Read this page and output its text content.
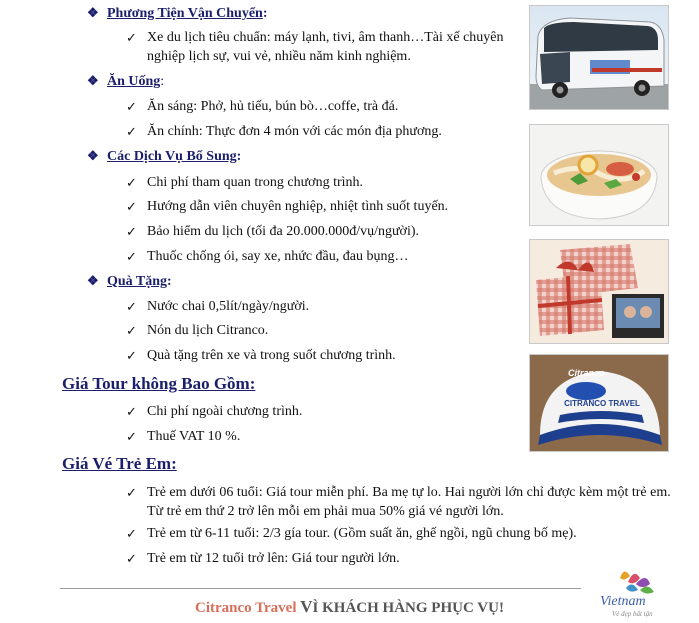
❖ Phương Tiện Vận Chuyển:
✓ Xe du lịch tiêu chuẩn: máy lạnh, tivi, âm thanh…Tài xế chuyên nghiệp lịch sự, vui vẻ, nhiều năm kinh nghiệm.
❖ Ăn Uống:
✓ Ăn sáng: Phở, hủ tiếu, bún bò…coffe, trà đá.
✓ Ăn chính: Thực đơn 4 món với các món địa phương.
❖ Các Dịch Vụ Bổ Sung:
✓ Chi phí tham quan trong chương trình.
✓ Hướng dẫn viên chuyên nghiệp, nhiệt tình suốt tuyến.
✓ Bảo hiểm du lịch (tối đa 20.000.000đ/vụ/người).
✓ Thuốc chống ói, say xe, nhức đầu, đau bụng…
❖ Quà Tặng:
✓ Nước chai 0,5lít/ngày/người.
✓ Nón du lịch Citranco.
✓ Quà tặng trên xe và trong suốt chương trình.
Giá Tour không Bao Gồm:
✓ Chi phí ngoài chương trình.
✓ Thuế VAT 10 %.
Giá Vé Trẻ Em:
✓ Trẻ em dưới 06 tuổi: Giá tour miễn phí. Ba mẹ tự lo. Hai người lớn chỉ được kèm một trẻ em. Từ trẻ em thứ 2 trở lên mỗi em phải mua 50% giá vé người lớn.
✓ Trẻ em từ 6-11 tuổi: 2/3 gía tour. (Gồm suất ăn, ghế ngồi, ngũ chung bố mẹ).
✓ Trẻ em từ 12 tuổi trở lên: Giá tour người lớn.
Citranco
CITRANCO TRAVEL
Citranco Travel VÌ KHÁCH HÀNG PHỤC VỤ!	Vietnam
Vẻ đẹp bất tận
